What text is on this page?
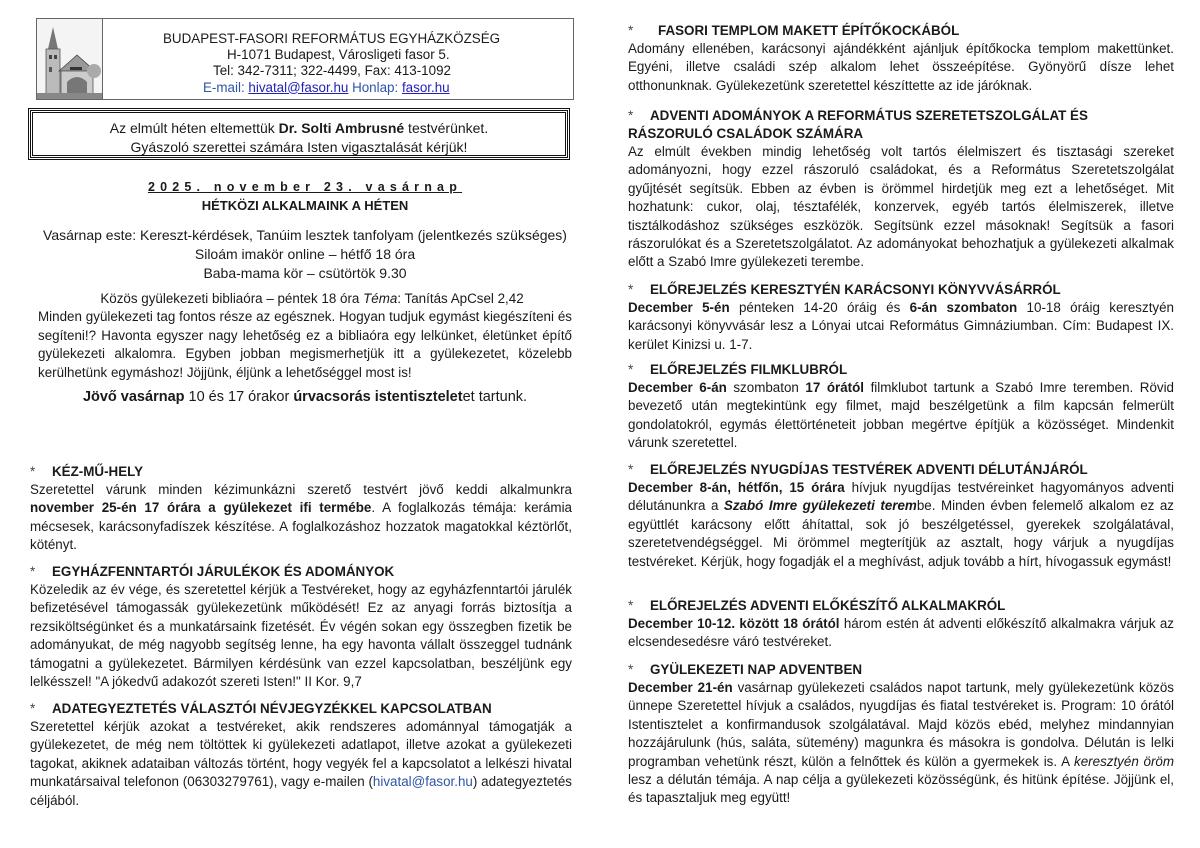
BUDAPEST-FASORI REFORMÁTUS EGYHÁZKÖZSÉG
H-1071 Budapest, Városligeti fasor 5.
Tel: 342-7311; 322-4499, Fax: 413-1092
E-mail: hivatal@fasor.hu Honlap: fasor.hu
Az elmúlt héten eltemettük Dr. Solti Ambrusné testvérünket.
Gyászoló szerettei számára Isten vigasztalását kérjük!
2025. november 23. vasárnap
HÉTKÖZI ALKALMAINK A HÉTEN
Vasárnap este: Kereszt-kérdések, Tanúim lesztek tanfolyam (jelentkezés szükséges)
Siloám imakör online – hétfő 18 óra
Baba-mama kör – csütörtök 9.30
Közös gyülekezeti bibliaóra – péntek 18 óra Téma: Tanítás ApCsel 2,42

Minden gyülekezeti tag fontos része az egésznek. Hogyan tudjuk egymást kiegészíteni és segíteni!? Havonta egyszer nagy lehetőség ez a bibliaóra egy lelkünket, életünket építő gyülekezeti alkalomra. Egyben jobban megismerhetjük itt a gyülekezetet, közelebb kerülhetünk egymáshoz! Jöjjünk, éljünk a lehetőséggel most is!

Jövő vasárnap 10 és 17 órakor úrvacsorás istentiszteletet tartunk.
*	KÉZ-MŰ-HELY

Szeretettel várunk minden kézimunkázni szerető testvért jövő keddi alkalmunkra november 25-én 17 órára a gyülekezet ifi termébe. A foglalkozás témája: kerámia mécsesek, karácsonyfadíszek készítése. A foglalkozáshoz hozzatok magatokkal kéztörlőt, kötényt.

*	EGYHÁZFENNTARTÓI JÁRULÉKOK ÉS ADOMÁNYOK

Közeledik az év vége, és szeretettel kérjük a Testvéreket, hogy az egyházfenntartói járulék befizetésével támogassák gyülekezetünk működését! Ez az anyagi forrás biztosítja a rezsiköltségünket és a munkatársaink fizetését. Év végén sokan egy összegben fizetik be adományukat, de még nagyobb segítség lenne, ha egy havonta vállalt összeggel tudnánk támogatni a gyülekezetet. Bármilyen kérdésünk van ezzel kapcsolatban, beszéljünk egy lelkésszel! "A jókedvű adakozót szereti Isten!" II Kor. 9,7

*	ADATEGYEZTETÉS VÁLASZTÓI NÉVJEGYZÉKKEL KAPCSOLATBAN

Szeretettel kérjük azokat a testvéreket, akik rendszeres adománnyal támogatják a gyülekezetet, de még nem töltöttek ki gyülekezeti adatlapot, illetve azokat a gyülekezeti tagokat, akiknek adataiban változás történt, hogy vegyék fel a kapcsolatot a lelkészi hivatal munkatársaival telefonon (06303279761), vagy e-mailen (hivatal@fasor.hu) adategyeztetés céljából.

*	FASORI TEMPLOM MAKETT ÉPÍTŐKOCKÁBÓL

Adomány ellenében, karácsonyi ajándékként ajánljuk építőkocka templom makettünket. Egyéni, illetve családi szép alkalom lehet összeépítése. Gyönyörű dísze lehet otthonunknak. Gyülekezetünk szeretettel készíttette az ide járóknak.

* ADVENTI ADOMÁNYOK A REFORMÁTUS SZERETETSZOLGÁLAT ÉS RÁSZORULÓ CSALÁDOK SZÁMÁRA

Az elmúlt években mindig lehetőség volt tartós élelmiszert és tisztasági szereket adományozni, hogy ezzel rászoruló családokat, és a Református Szeretetszolgálat gyűjtését segítsük. Ebben az évben is örömmel hirdetjük meg ezt a lehetőséget. Mit hozhatunk: cukor, olaj, tésztafélék, konzervek, egyéb tartós élelmiszerek, illetve tisztálkodáshoz szükséges eszközök. Segítsünk ezzel másoknak! Segítsük a fasori rászorulókat és a Szeretetszolgálatot. Az adományokat behozhatjuk a gyülekezeti alkalmak előtt a Szabó Imre gyülekezeti terembe.

*	ELŐREJELZÉS KERESZTYÉN KARÁCSONYI KÖNYVVÁSÁRRÓL

December 5-én pénteken 14-20 óráig és 6-án szombaton 10-18 óráig keresztyén karácsonyi könyvvásár lesz a Lónyai utcai Református Gimnáziumban. Cím: Budapest IX. kerület Kinizsi u. 1-7.

*	ELŐREJELZÉS FILMKLUBRÓL

December 6-án szombaton 17 órától filmklubot tartunk a Szabó Imre teremben. Rövid bevezető után megtekintünk egy filmet, majd beszélgetünk a film kapcsán felmerült gondolatokról, egymás élettörténeteit jobban megértve építjük a közösséget. Mindenkit várunk szeretettel.

*	ELŐREJELZÉS NYUGDÍJAS TESTVÉREK ADVENTI DÉLUTÁNJÁRÓL

December 8-án, hétfőn, 15 órára hívjuk nyugdíjas testvéreinket hagyományos adventi délutánunkra a Szabó Imre gyülekezeti terembe. Minden évben felemelő alkalom ez az együttlét karácsony előtt áhítattal, sok jó beszélgetéssel, gyerekek szolgálatával, szeretetvendégséggel. Mi örömmel megterítjük az asztalt, hogy várjuk a nyugdíjas testvéreket. Kérjük, hogy fogadják el a meghívást, adjuk tovább a hírt, hívogassuk egymást!

*	ELŐREJELZÉS ADVENTI ELŐKÉSZÍTŐ ALKALMAKRÓL

December 10-12. között 18 órától három estén át adventi előkészítő alkalmakra várjuk az elcsendesedésre váró testvéreket.

*	GYÜLEKEZETI NAP ADVENTBEN

December 21-én vasárnap gyülekezeti családos napot tartunk, mely gyülekezetünk közös ünnepe Szeretettel hívjuk a családos, nyugdíjas és fiatal testvéreket is. Program: 10 órától Istentisztelet a konfirmandusok szolgálatával. Majd közös ebéd, melyhez mindannyian hozzájárulunk (hús, saláta, sütemény) magunkra és másokra is gondolva. Délután is lelki programban vehetünk részt, külön a felnőttek és külön a gyermekek is. A keresztyén öröm lesz a délután témája. A nap célja a gyülekezeti közösségünk, és hitünk építése. Jöjjünk el, és tapasztaljuk meg együtt!
